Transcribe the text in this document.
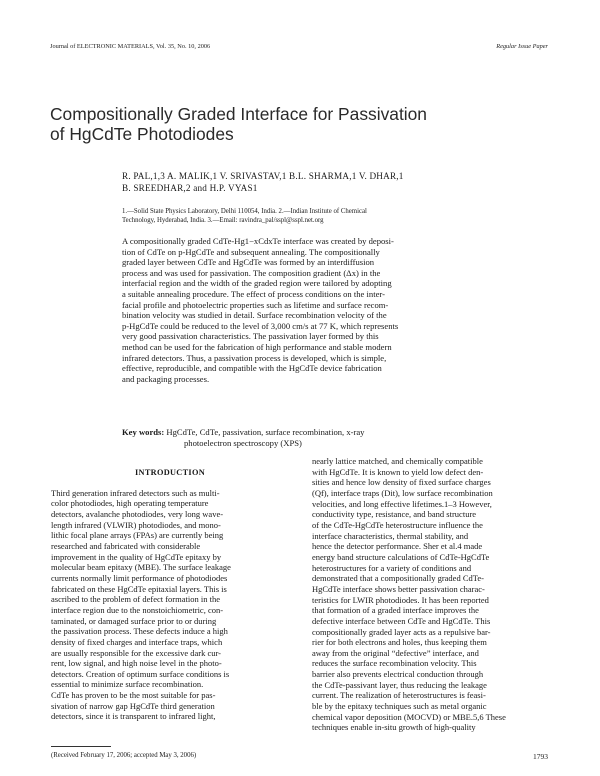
Journal of ELECTRONIC MATERIALS, Vol. 35, No. 10, 2006	Regular Issue Paper
Compositionally Graded Interface for Passivation
of HgCdTe Photodiodes
R. PAL,1,3 A. MALIK,1 V. SRIVASTAV,1 B.L. SHARMA,1 V. DHAR,1
B. SREEDHAR,2 and H.P. VYAS1
1.—Solid State Physics Laboratory, Delhi 110054, India. 2.—Indian Institute of Chemical
Technology, Hyderabad, India. 3.—Email: ravindra_pal/sspl@sspl.net.org
A compositionally graded CdTe-Hg1−xCdxTe interface was created by deposi-
tion of CdTe on p-HgCdTe and subsequent annealing. The compositionally
graded layer between CdTe and HgCdTe was formed by an interdiffusion
process and was used for passivation. The composition gradient (Δx) in the
interfacial region and the width of the graded region were tailored by adopting
a suitable annealing procedure. The effect of process conditions on the inter-
facial profile and photoelectric properties such as lifetime and surface recom-
bination velocity was studied in detail. Surface recombination velocity of the
p-HgCdTe could be reduced to the level of 3,000 cm/s at 77 K, which represents
very good passivation characteristics. The passivation layer formed by this
method can be used for the fabrication of high performance and stable modern
infrared detectors. Thus, a passivation process is developed, which is simple,
effective, reproducible, and compatible with the HgCdTe device fabrication
and packaging processes.
Key words: HgCdTe, CdTe, passivation, surface recombination, x-ray
photoelectron spectroscopy (XPS)
INTRODUCTION
Third generation infrared detectors such as multi-
color photodiodes, high operating temperature
detectors, avalanche photodiodes, very long wave-
length infrared (VLWIR) photodiodes, and mono-
lithic focal plane arrays (FPAs) are currently being
researched and fabricated with considerable
improvement in the quality of HgCdTe epitaxy by
molecular beam epitaxy (MBE). The surface leakage
currents normally limit performance of photodiodes
fabricated on these HgCdTe epitaxial layers. This is
ascribed to the problem of defect formation in the
interface region due to the nonstoichiometric, con-
taminated, or damaged surface prior to or during
the passivation process. These defects induce a high
density of fixed charges and interface traps, which
are usually responsible for the excessive dark cur-
rent, low signal, and high noise level in the photo-
detectors. Creation of optimum surface conditions is
essential to minimize surface recombination.
CdTe has proven to be the most suitable for pas-
sivation of narrow gap HgCdTe third generation
detectors, since it is transparent to infrared light,
nearly lattice matched, and chemically compatible
with HgCdTe. It is known to yield low defect den-
sities and hence low density of fixed surface charges
(Qf), interface traps (Dit), low surface recombination
velocities, and long effective lifetimes.1–3 However,
conductivity type, resistance, and band structure
of the CdTe-HgCdTe heterostructure influence the
interface characteristics, thermal stability, and
hence the detector performance. Sher et al.4 made
energy band structure calculations of CdTe-HgCdTe
heterostructures for a variety of conditions and
demonstrated that a compositionally graded CdTe-
HgCdTe interface shows better passivation charac-
teristics for LWIR photodiodes. It has been reported
that formation of a graded interface improves the
defective interface between CdTe and HgCdTe. This
compositionally graded layer acts as a repulsive bar-
rier for both electrons and holes, thus keeping them
away from the original “defective” interface, and
reduces the surface recombination velocity. This
barrier also prevents electrical conduction through
the CdTe-passivant layer, thus reducing the leakage
current. The realization of heterostructures is feasi-
ble by the epitaxy techniques such as metal organic
chemical vapor deposition (MOCVD) or MBE.5,6 These
techniques enable in-situ growth of high-quality
(Received February 17, 2006; accepted May 3, 2006)	1793
